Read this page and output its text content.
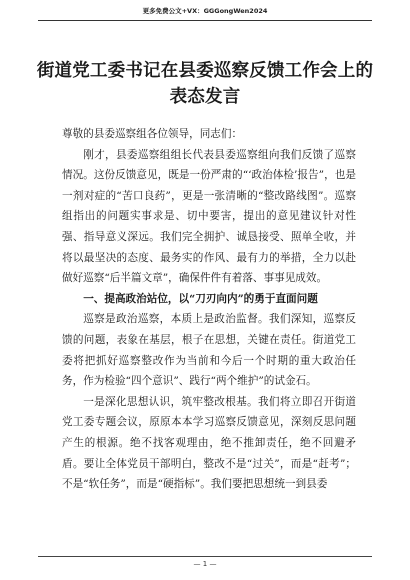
更多免费公文+VX：GGGongWen2024
街道党工委书记在县委巡察反馈工作会上的表态发言

尊敬的县委巡察组各位领导，同志们：

刚才，县委巡察组组长代表县委巡察组向我们反馈了巡察情况。这份反馈意见，既是一份严肃的“‘政治体检’报告”，也是一剂对症的“苦口良药”，更是一张清晰的“整改路线图”。巡察组指出的问题实事求是、切中要害，提出的意见建议针对性强、指导意义深远。我们完全拥护、诚恳接受、照单全收，并将以最坚决的态度、最务实的作风、最有力的举措，全力以赴做好巡察“后半篇文章”，确保件件有着落、事事见成效。

一、提高政治站位，以“刀刃向内”的勇于直面问题

巡察是政治巡察，本质上是政治监督。我们深知，巡察反馈的问题，表象在基层，根子在思想，关键在责任。街道党工委将把抓好巡察整改作为当前和今后一个时期的重大政治任务，作为检验“四个意识”、践行“两个维护”的试金石。

一是深化思想认识，筑牢整改根基。我们将立即召开街道党工委专题会议，原原本本学习巡察反馈意见，深刻反思问题产生的根源。绝不找客观理由，绝不推卸责任，绝不回避矛盾。要让全体党员干部明白，整改不是“过关”，而是“赶考”；不是“软任务”，而是“硬指标”。我们要把思想统一到县委

— 1 —
